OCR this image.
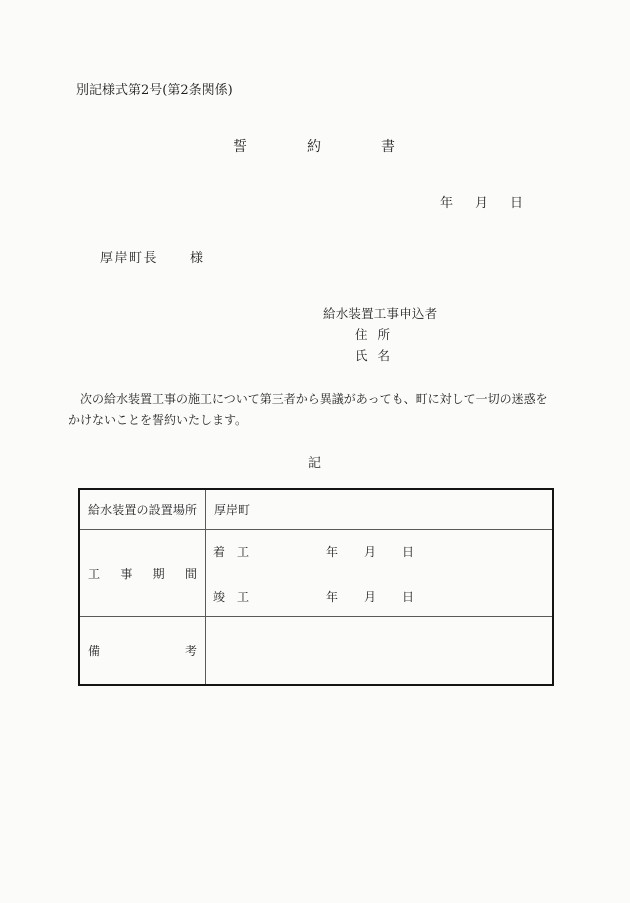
別記様式第2号(第2条関係)
誓約書
年月日
厚岸町長 様
給水装置工事申込者
住所
氏名
　次の給水装置工事の施工について第三者から異議があっても、町に対して一切の迷惑をかけないことを誓約いたします。
記
給水装置の設置場所 厚岸町
工事期間
着工	年月日
竣工	年月日
備考
